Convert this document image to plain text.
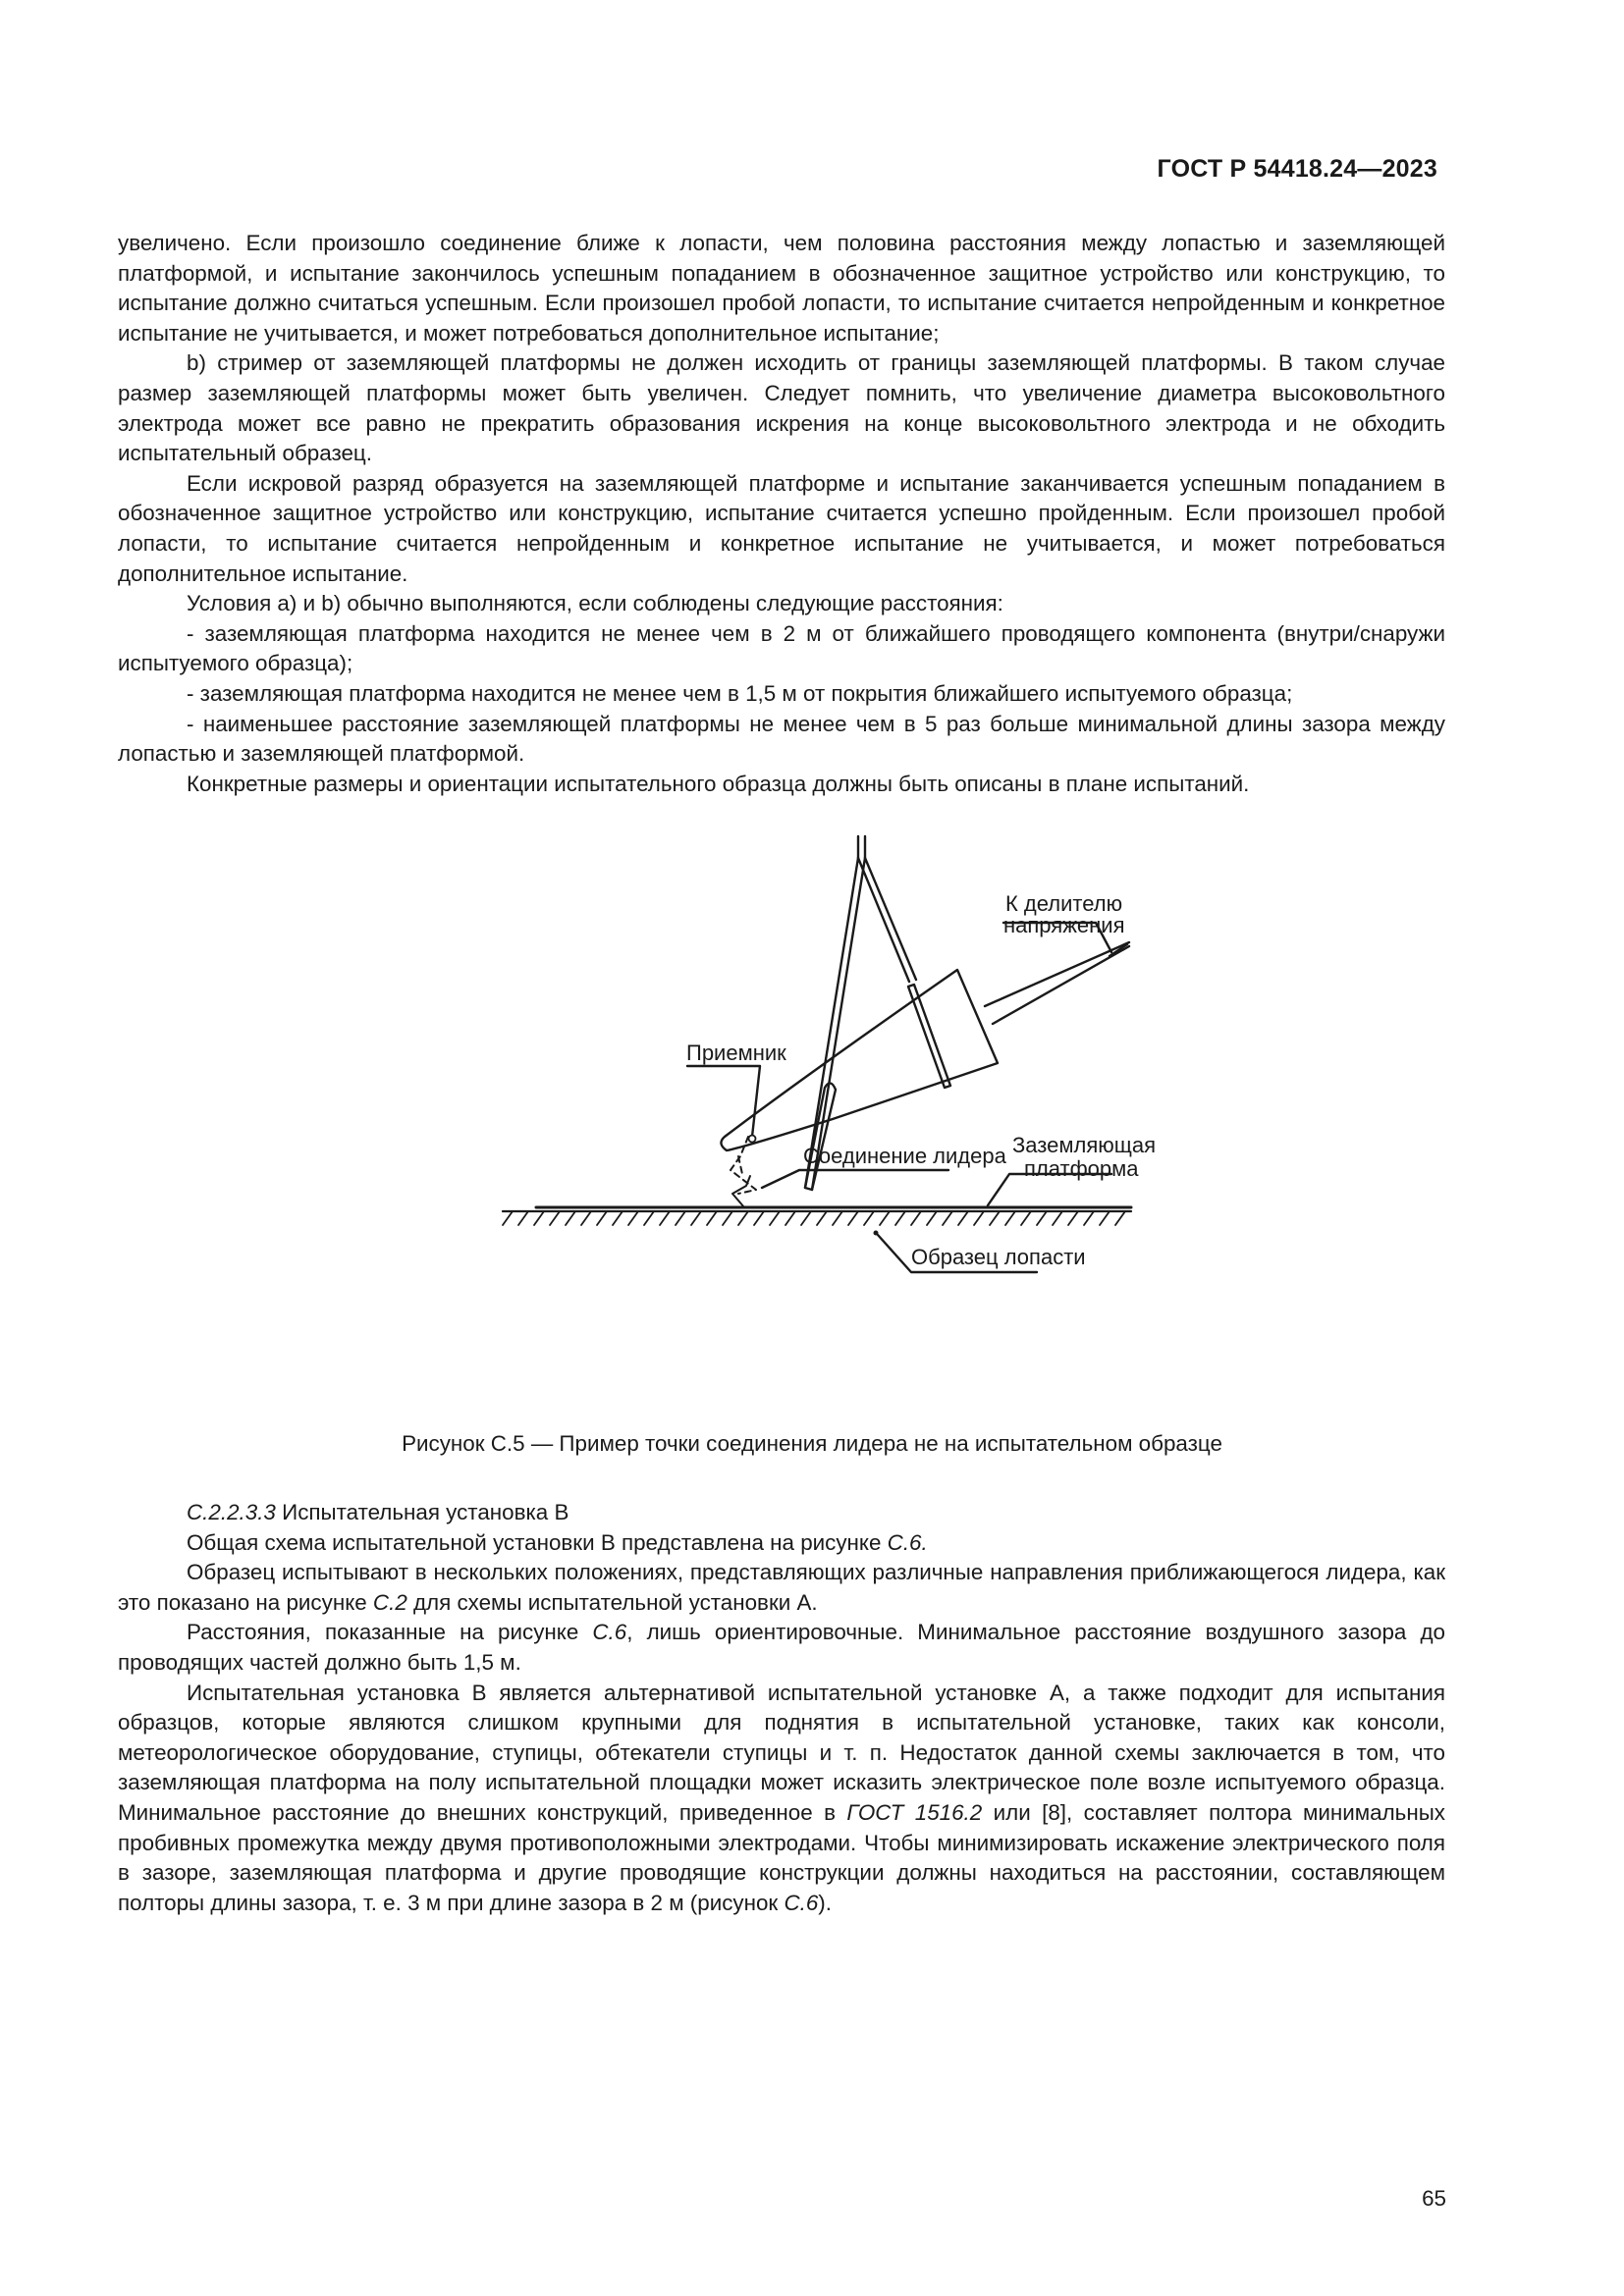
ГОСТ Р 54418.24—2023

увеличено. Если произошло соединение ближе к лопасти, чем половина расстояния между лопастью и заземляющей платформой, и испытание закончилось успешным попаданием в обозначенное защитное устройство или конструкцию, то испытание должно считаться успешным. Если произошел пробой лопасти, то испытание считается непройденным и конкретное испытание не учитывается, и может потребоваться дополнительное испытание;

b) стример от заземляющей платформы не должен исходить от границы заземляющей платформы. В таком случае размер заземляющей платформы может быть увеличен. Следует помнить, что увеличение диаметра высоковольтного электрода может все равно не прекратить образования искрения на конце высоковольтного электрода и не обходить испытательный образец.

Если искровой разряд образуется на заземляющей платформе и испытание заканчивается успешным попаданием в обозначенное защитное устройство или конструкцию, испытание считается успешно пройденным. Если произошел пробой лопасти, то испытание считается непройденным и конкретное испытание не учитывается, и может потребоваться дополнительное испытание.

Условия a) и b) обычно выполняются, если соблюдены следующие расстояния:

- заземляющая платформа находится не менее чем в 2 м от ближайшего проводящего компонента (внутри/снаружи испытуемого образца);

- заземляющая платформа находится не менее чем в 1,5 м от покрытия ближайшего испытуемого образца;

- наименьшее расстояние заземляющей платформы не менее чем в 5 раз больше минимальной длины зазора между лопастью и заземляющей платформой.

Конкретные размеры и ориентации испытательного образца должны быть описаны в плане испытаний.

К делителю
напряжения
Приемник
Образец лопасти
Соединение лидера Заземляющая
платформа
Рисунок С.5 — Пример точки соединения лидера не на испытательном образце

С.2.2.3.3 Испытательная установка В

Общая схема испытательной установки В представлена на рисунке С.6.

Образец испытывают в нескольких положениях, представляющих различные направления приближающегося лидера, как это показано на рисунке С.2 для схемы испытательной установки А.

Расстояния, показанные на рисунке С.6, лишь ориентировочные. Минимальное расстояние воздушного зазора до проводящих частей должно быть 1,5 м.

Испытательная установка В является альтернативой испытательной установке А, а также подходит для испытания образцов, которые являются слишком крупными для поднятия в испытательной установке, таких как консоли, метеорологическое оборудование, ступицы, обтекатели ступицы и т. п. Недостаток данной схемы заключается в том, что заземляющая платформа на полу испытательной площадки может исказить электрическое поле возле испытуемого образца. Минимальное расстояние до внешних конструкций, приведенное в ГОСТ 1516.2 или [8], составляет полтора минимальных пробивных промежутка между двумя противоположными электродами. Чтобы минимизировать искажение электрического поля в зазоре, заземляющая платформа и другие проводящие конструкции должны находиться на расстоянии, составляющем полторы длины зазора, т. е. 3 м при длине зазора в 2 м (рисунок С.6).

65
